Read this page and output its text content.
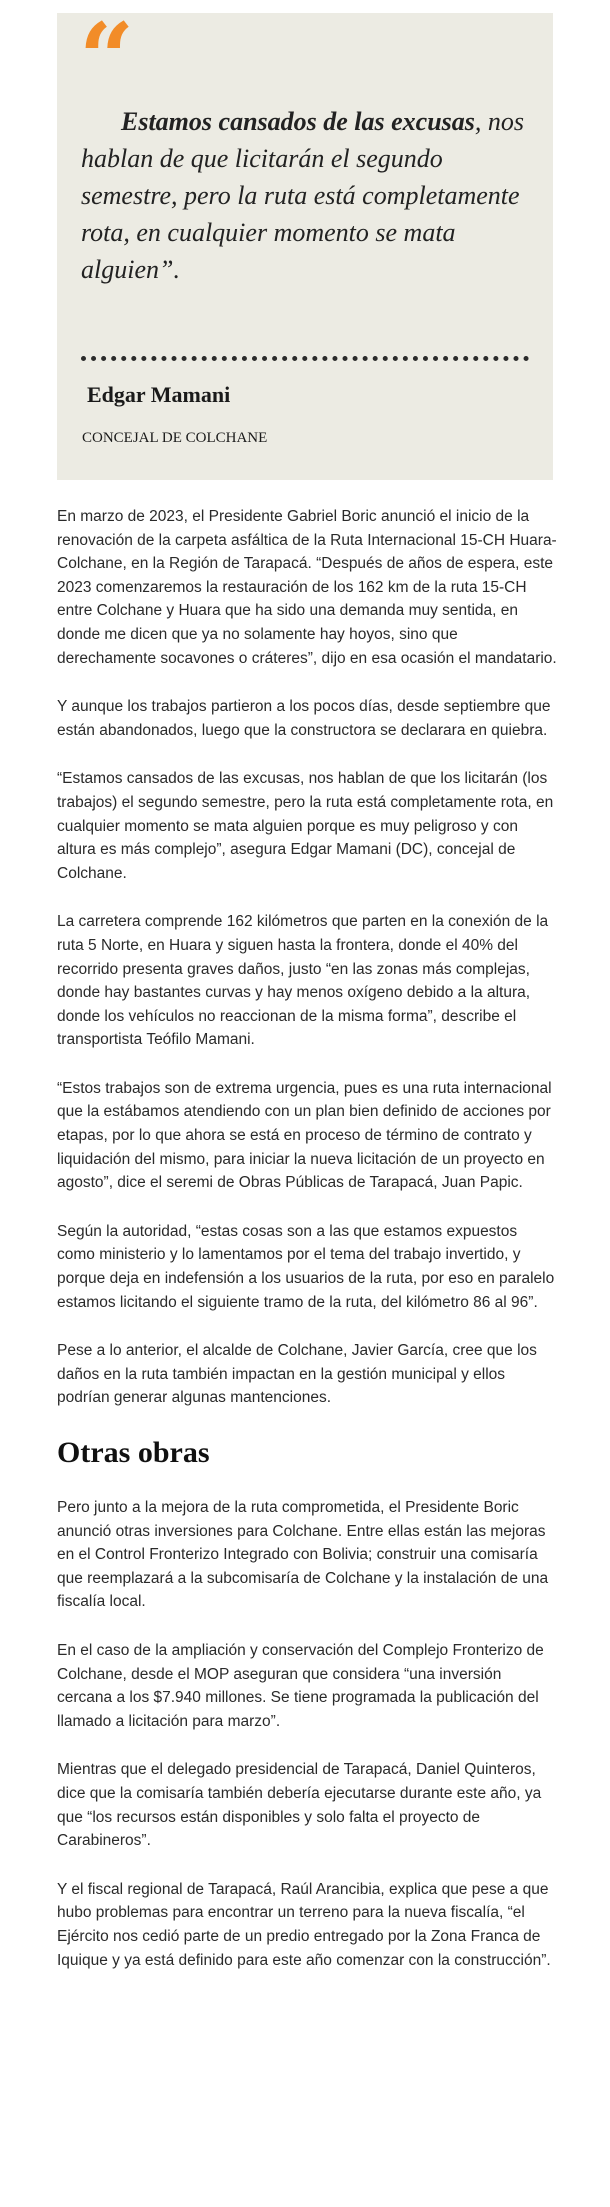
“
Estamos cansados de las excusas, nos hablan de que licitarán el segundo semestre, pero la ruta está completamente rota, en cualquier momento se mata alguien”.
Edgar Mamani
CONCEJAL DE COLCHANE

En marzo de 2023, el Presidente Gabriel Boric anunció el inicio de la renovación de la carpeta asfáltica de la Ruta Internacional 15-CH Huara- Colchane, en la Región de Tarapacá. “Después de años de espera, este 2023 comenzaremos la restauración de los 162 km de la ruta 15-CH entre Colchane y Huara que ha sido una demanda muy sentida, en donde me dicen que ya no solamente hay hoyos, sino que derechamente socavones o cráteres”, dijo en esa ocasión el mandatario.

Y aunque los trabajos partieron a los pocos días, desde septiembre que están abandonados, luego que la constructora se declarara en quiebra.

“Estamos cansados de las excusas, nos hablan de que los licitarán (los trabajos) el segundo semestre, pero la ruta está completamente rota, en cualquier momento se mata alguien porque es muy peligroso y con altura es más complejo”, asegura Edgar Mamani (DC), concejal de Colchane.

La carretera comprende 162 kilómetros que parten en la conexión de la ruta 5 Norte, en Huara y siguen hasta la frontera, donde el 40% del recorrido presenta graves daños, justo “en las zonas más complejas, donde hay bastantes curvas y hay menos oxígeno debido a la altura, donde los vehículos no reaccionan de la misma forma”, describe el transportista Teófilo Mamani.

“Estos trabajos son de extrema urgencia, pues es una ruta internacional que la estábamos atendiendo con un plan bien definido de acciones por etapas, por lo que ahora se está en proceso de término de contrato y liquidación del mismo, para iniciar la nueva licitación de un proyecto en agosto”, dice el seremi de Obras Públicas de Tarapacá, Juan Papic.

Según la autoridad, “estas cosas son a las que estamos expuestos como ministerio y lo lamentamos por el tema del trabajo invertido, y porque deja en indefensión a los usuarios de la ruta, por eso en paralelo estamos licitando el siguiente tramo de la ruta, del kilómetro 86 al 96”.

Pese a lo anterior, el alcalde de Colchane, Javier García, cree que los daños en la ruta también impactan en la gestión municipal y ellos podrían generar algunas mantenciones.

Otras obras

Pero junto a la mejora de la ruta comprometida, el Presidente Boric anunció otras inversiones para Colchane. Entre ellas están las mejoras en el Control Fronterizo Integrado con Bolivia; construir una comisaría que reemplazará a la subcomisaría de Colchane y la instalación de una fiscalía local.

En el caso de la ampliación y conservación del Complejo Fronterizo de Colchane, desde el MOP aseguran que considera “una inversión cercana a los $7.940 millones. Se tiene programada la publicación del llamado a licitación para marzo”.

Mientras que el delegado presidencial de Tarapacá, Daniel Quinteros, dice que la comisaría también debería ejecutarse durante este año, ya que “los recursos están disponibles y solo falta el proyecto de Carabineros”.

Y el fiscal regional de Tarapacá, Raúl Arancibia, explica que pese a que hubo problemas para encontrar un terreno para la nueva fiscalía, “el Ejército nos cedió parte de un predio entregado por la Zona Franca de Iquique y ya está definido para este año comenzar con la construcción”.
